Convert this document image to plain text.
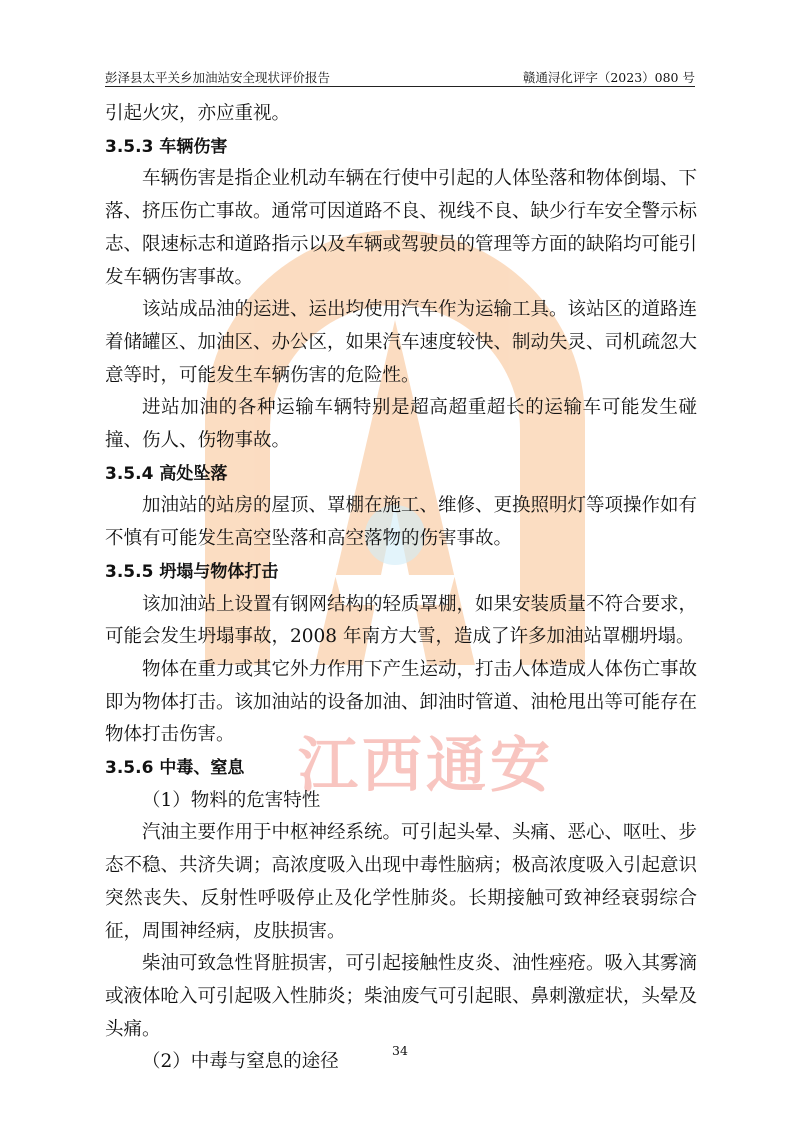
江西通安
彭泽县太平关乡加油站安全现状评价报告	赣通浔化评字（2023）080 号

引起火灾，亦应重视。

3.5.3 车辆伤害

车辆伤害是指企业机动车辆在行使中引起的人体坠落和物体倒塌、下落、挤压伤亡事故。通常可因道路不良、视线不良、缺少行车安全警示标志、限速标志和道路指示以及车辆或驾驶员的管理等方面的缺陷均可能引发车辆伤害事故。

该站成品油的运进、运出均使用汽车作为运输工具。该站区的道路连着储罐区、加油区、办公区，如果汽车速度较快、制动失灵、司机疏忽大意等时，可能发生车辆伤害的危险性。

进站加油的各种运输车辆特别是超高超重超长的运输车可能发生碰撞、伤人、伤物事故。

3.5.4 高处坠落

加油站的站房的屋顶、罩棚在施工、维修、更换照明灯等项操作如有不慎有可能发生高空坠落和高空落物的伤害事故。

3.5.5 坍塌与物体打击

该加油站上设置有钢网结构的轻质罩棚，如果安装质量不符合要求，可能会发生坍塌事故，2008 年南方大雪，造成了许多加油站罩棚坍塌。

物体在重力或其它外力作用下产生运动，打击人体造成人体伤亡事故即为物体打击。该加油站的设备加油、卸油时管道、油枪甩出等可能存在物体打击伤害。

3.5.6 中毒、窒息

（1）物料的危害特性

汽油主要作用于中枢神经系统。可引起头晕、头痛、恶心、呕吐、步态不稳、共济失调；高浓度吸入出现中毒性脑病；极高浓度吸入引起意识突然丧失、反射性呼吸停止及化学性肺炎。长期接触可致神经衰弱综合征，周围神经病，皮肤损害。

柴油可致急性肾脏损害，可引起接触性皮炎、油性痤疮。吸入其雾滴或液体呛入可引起吸入性肺炎；柴油废气可引起眼、鼻刺激症状，头晕及头痛。

（2）中毒与窒息的途径

34
